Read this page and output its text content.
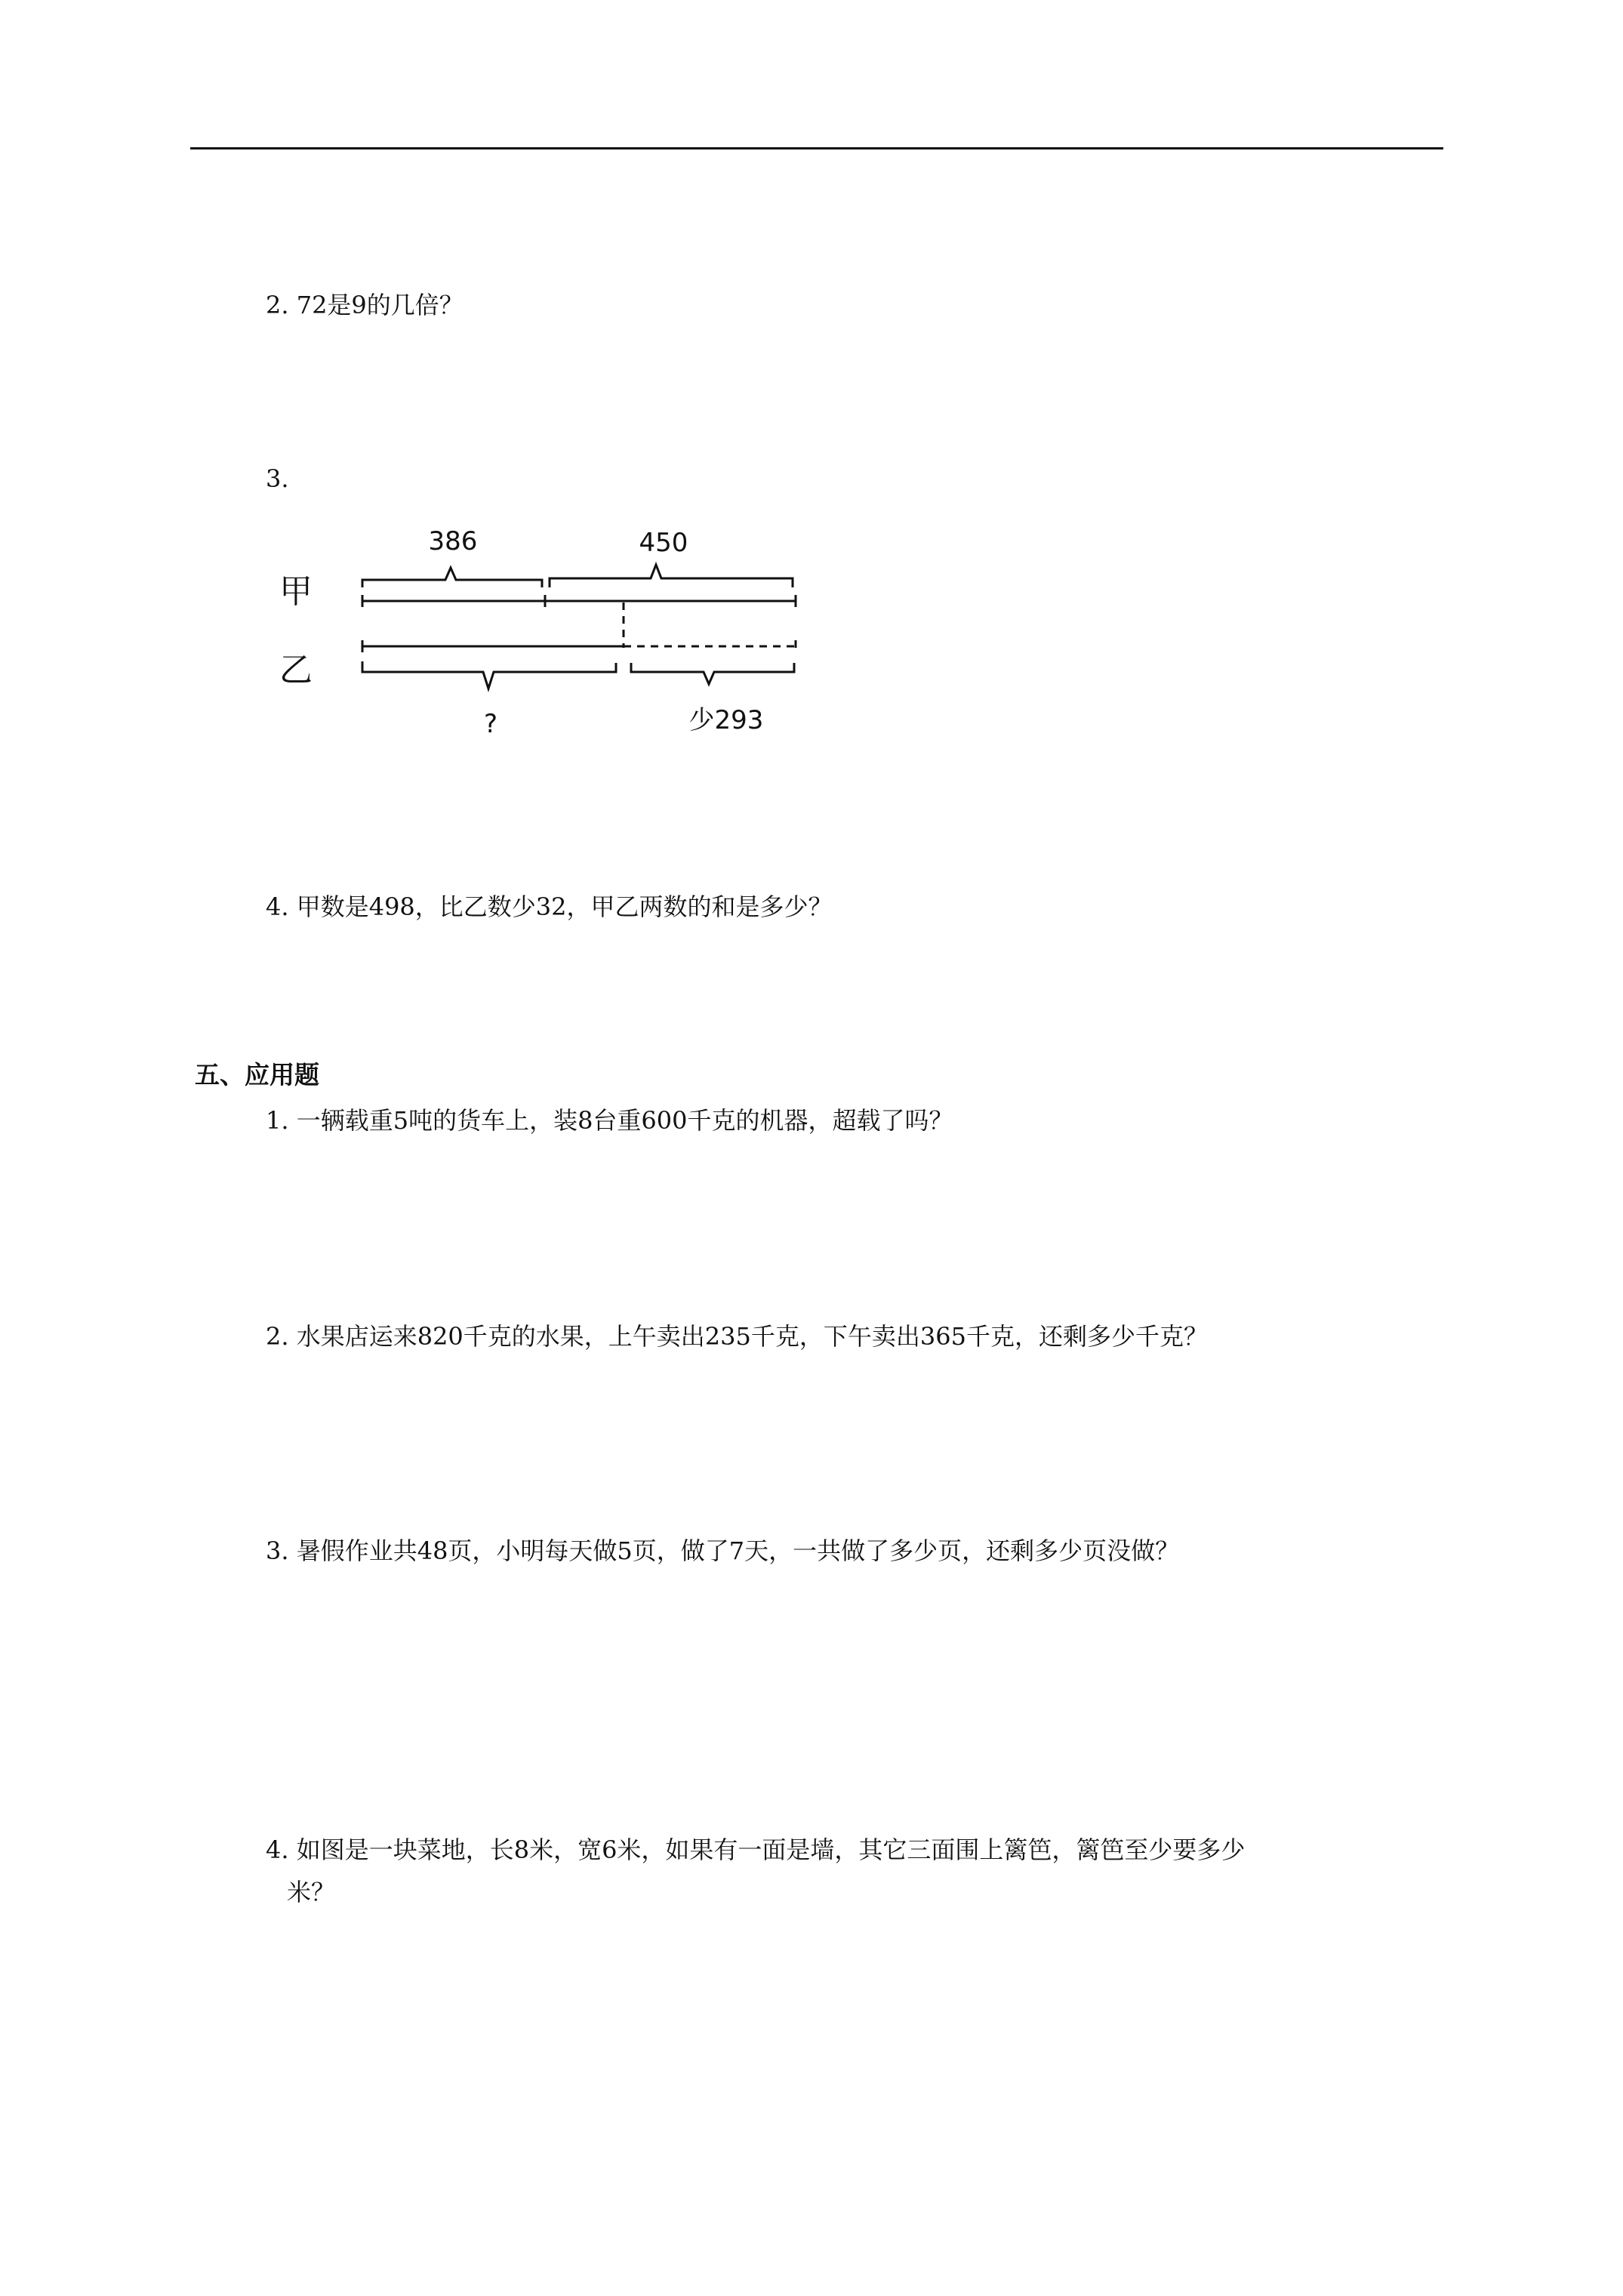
2. 72是9的几倍？
3.
386	450
甲
乙
?	少293
4. 甲数是498，比乙数少32，甲乙两数的和是多少？
五、应用题
1. 一辆载重5吨的货车上，装8台重600千克的机器，超载了吗？
2. 水果店运来820千克的水果，上午卖出235千克，下午卖出365千克，还剩多少千克？
3. 暑假作业共48页，小明每天做5页，做了7天，一共做了多少页，还剩多少页没做？
4. 如图是一块菜地，长8米，宽6米，如果有一面是墙，其它三面围上篱笆，篱笆至少要多少
米？
